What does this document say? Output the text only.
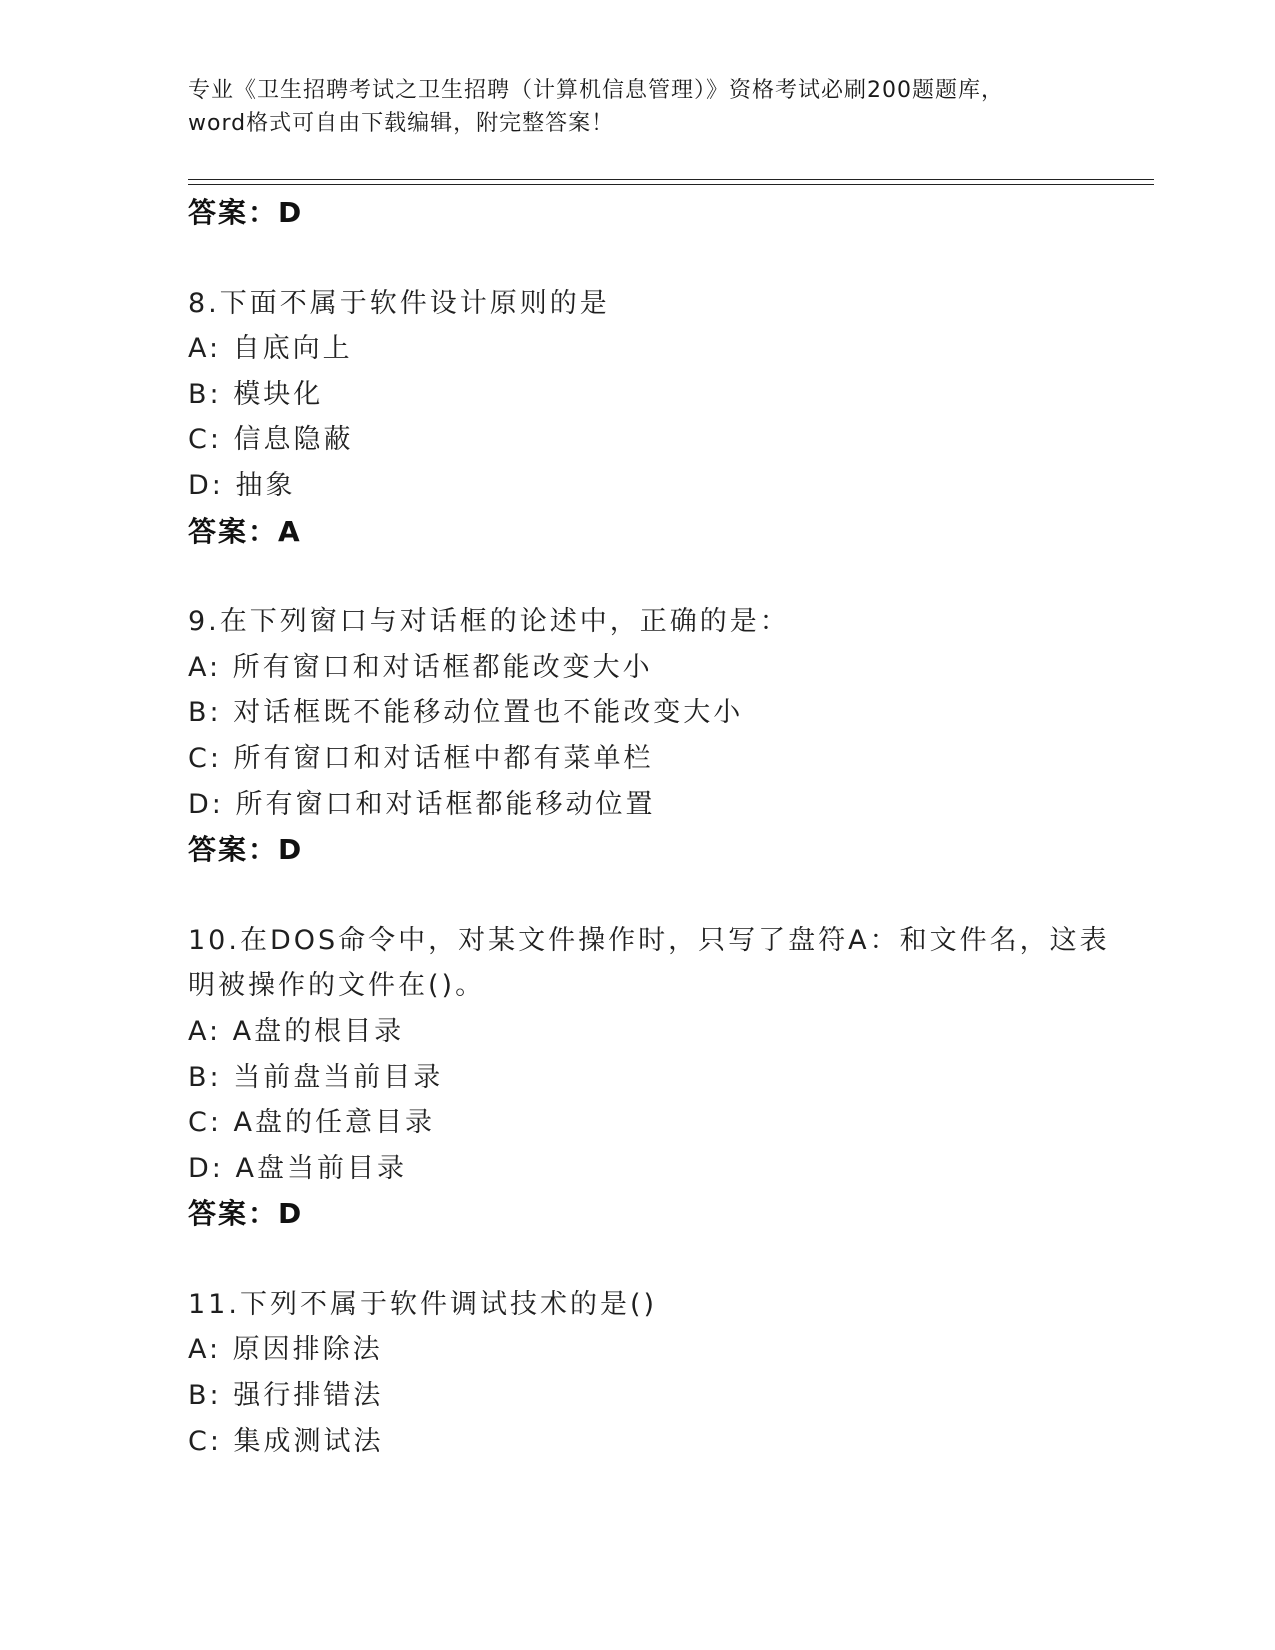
专业《卫生招聘考试之卫生招聘（计算机信息管理）》资格考试必刷200题题库，
word格式可自由下载编辑，附完整答案！
答案：D
8.下面不属于软件设计原则的是
A: 自底向上
B: 模块化
C: 信息隐蔽
D: 抽象
答案：A
9.在下列窗口与对话框的论述中，正确的是：
A: 所有窗口和对话框都能改变大小
B: 对话框既不能移动位置也不能改变大小
C: 所有窗口和对话框中都有菜单栏
D: 所有窗口和对话框都能移动位置
答案：D
10.在DOS命令中，对某文件操作时，只写了盘符A：和文件名，这表
明被操作的文件在()。
A: A盘的根目录
B: 当前盘当前目录
C: A盘的任意目录
D: A盘当前目录
答案：D
11.下列不属于软件调试技术的是()
A: 原因排除法
B: 强行排错法
C: 集成测试法
